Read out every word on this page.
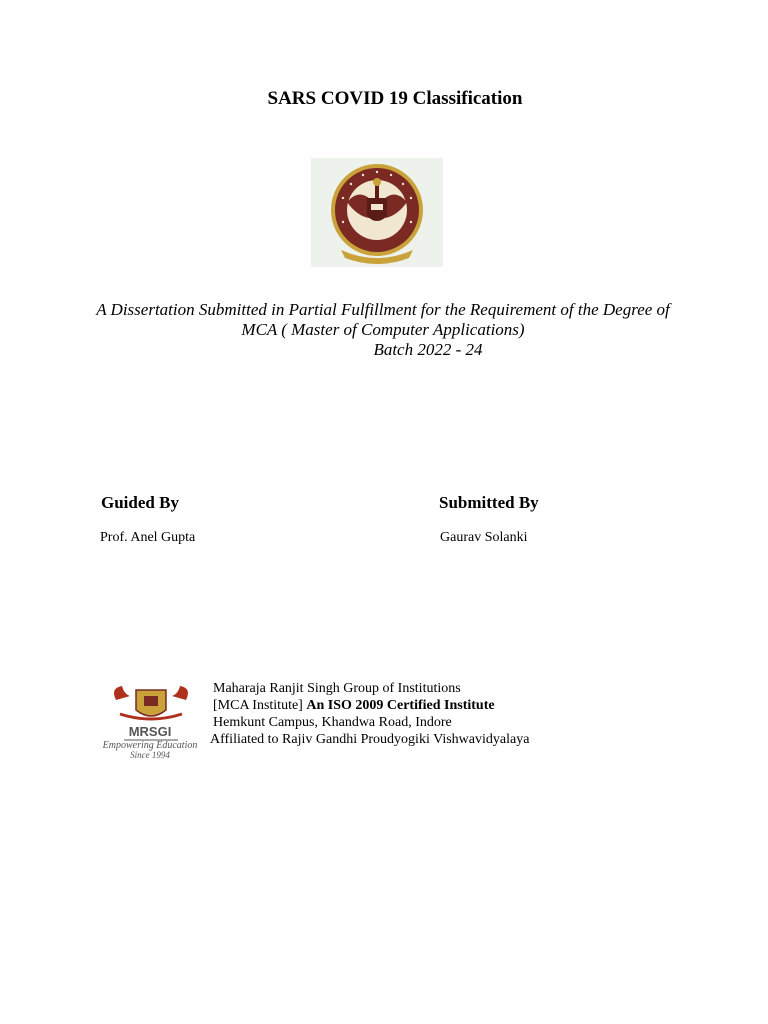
SARS COVID 19 Classification
A Dissertation Submitted in Partial Fulfillment for the Requirement of the Degree of
MCA ( Master of Computer Applications)
Batch 2022 - 24
Guided By
Prof. Anel Gupta
Submitted By
Gaurav Solanki
MRSGI
Empowering Education
Since 1994
Maharaja Ranjit Singh Group of Institutions
[MCA Institute] An ISO 2009 Certified Institute
Hemkunt Campus, Khandwa Road, Indore
Affiliated to Rajiv Gandhi Proudyogiki Vishwavidyalaya
